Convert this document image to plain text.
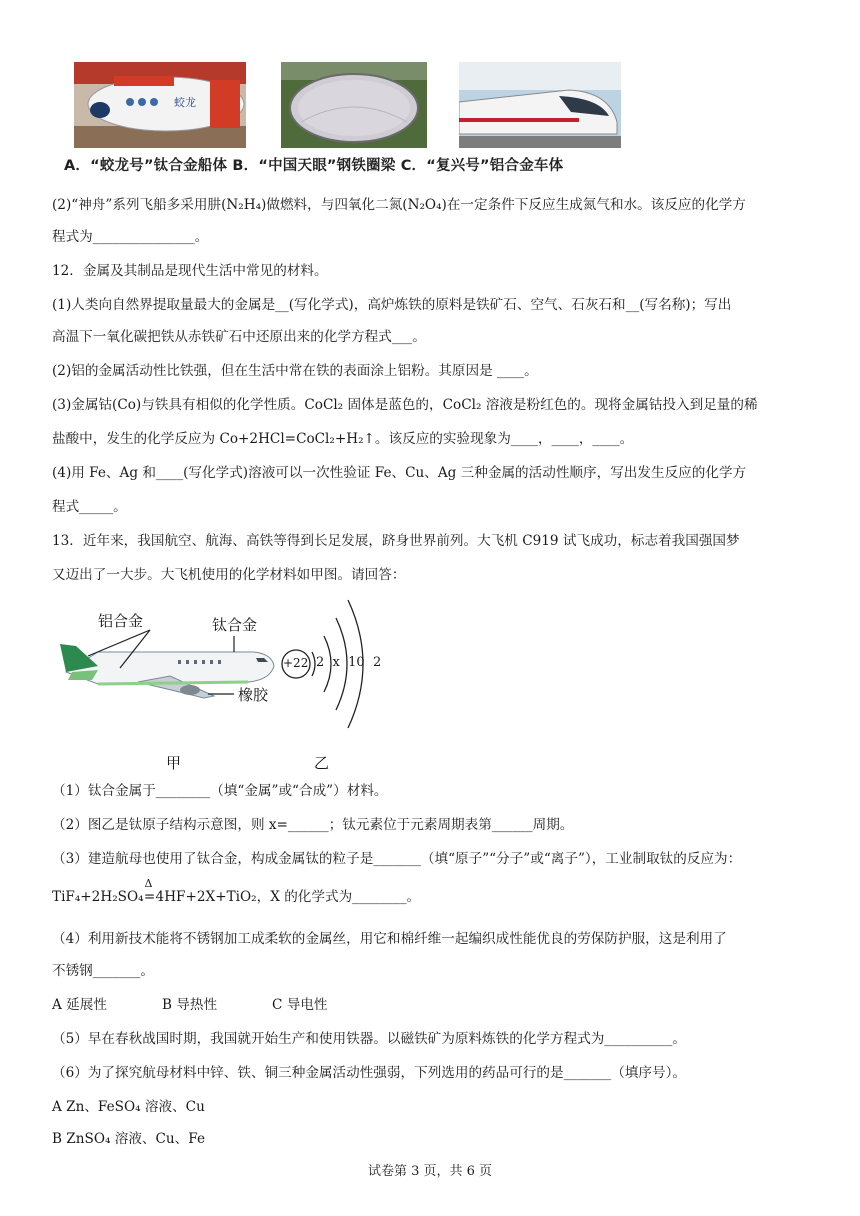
蛟龙
A．“蛟龙号”钛合金船体 B．“中国天眼”钢铁圈梁 C．“复兴号”铝合金车体
(2)“神舟”系列飞船多采用肼(N₂H₄)做燃料，与四氧化二氮(N₂O₄)在一定条件下反应生成氮气和水。该反应的化学方
程式为_______________。
12．金属及其制品是现代生活中常见的材料。
(1)人类向自然界提取量最大的金属是__(写化学式)，高炉炼铁的原料是铁矿石、空气、石灰石和__(写名称)；写出
高温下一氧化碳把铁从赤铁矿石中还原出来的化学方程式___。
(2)铝的金属活动性比铁强，但在生活中常在铁的表面涂上铝粉。其原因是 ____。
(3)金属钴(Co)与铁具有相似的化学性质。CoCl₂ 固体是蓝色的，CoCl₂ 溶液是粉红色的。现将金属钴投入到足量的稀
盐酸中，发生的化学反应为 Co+2HCl=CoCl₂+H₂↑。该反应的实验现象为____，____，____。
(4)用 Fe、Ag 和____(写化学式)溶液可以一次性验证 Fe、Cu、Ag 三种金属的活动性顺序，写出发生反应的化学方
程式_____。
13．近年来，我国航空、航海、高铁等得到长足发展，跻身世界前列。大飞机 C919 试飞成功，标志着我国强国梦
又迈出了一大步。大飞机使用的化学材料如甲图。请回答：
铝合金	钛合金
橡胶
+22 2  x  10  2
甲	乙
（1）钛合金属于________（填“金属”或“合成”）材料。
（2）图乙是钛原子结构示意图，则 x=______；钛元素位于元素周期表第______周期。
（3）建造航母也使用了钛合金，构成金属钛的粒子是_______（填“原子”“分子”或“离子”），工业制取钛的反应为：
TiF₄+2H₂SO₄
Δ
=4HF+2X+TiO₂，X 的化学式为________。
（4）利用新技术能将不锈钢加工成柔软的金属丝，用它和棉纤维一起编织成性能优良的劳保防护服，这是利用了
不锈钢_______。
A 延展性	B 导热性	C 导电性
（5）早在春秋战国时期，我国就开始生产和使用铁器。以磁铁矿为原料炼铁的化学方程式为__________。
（6）为了探究航母材料中锌、铁、铜三种金属活动性强弱，下列选用的药品可行的是_______（填序号）。
A Zn、FeSO₄ 溶液、Cu
B ZnSO₄ 溶液、Cu、Fe
试卷第 3 页，共 6 页
